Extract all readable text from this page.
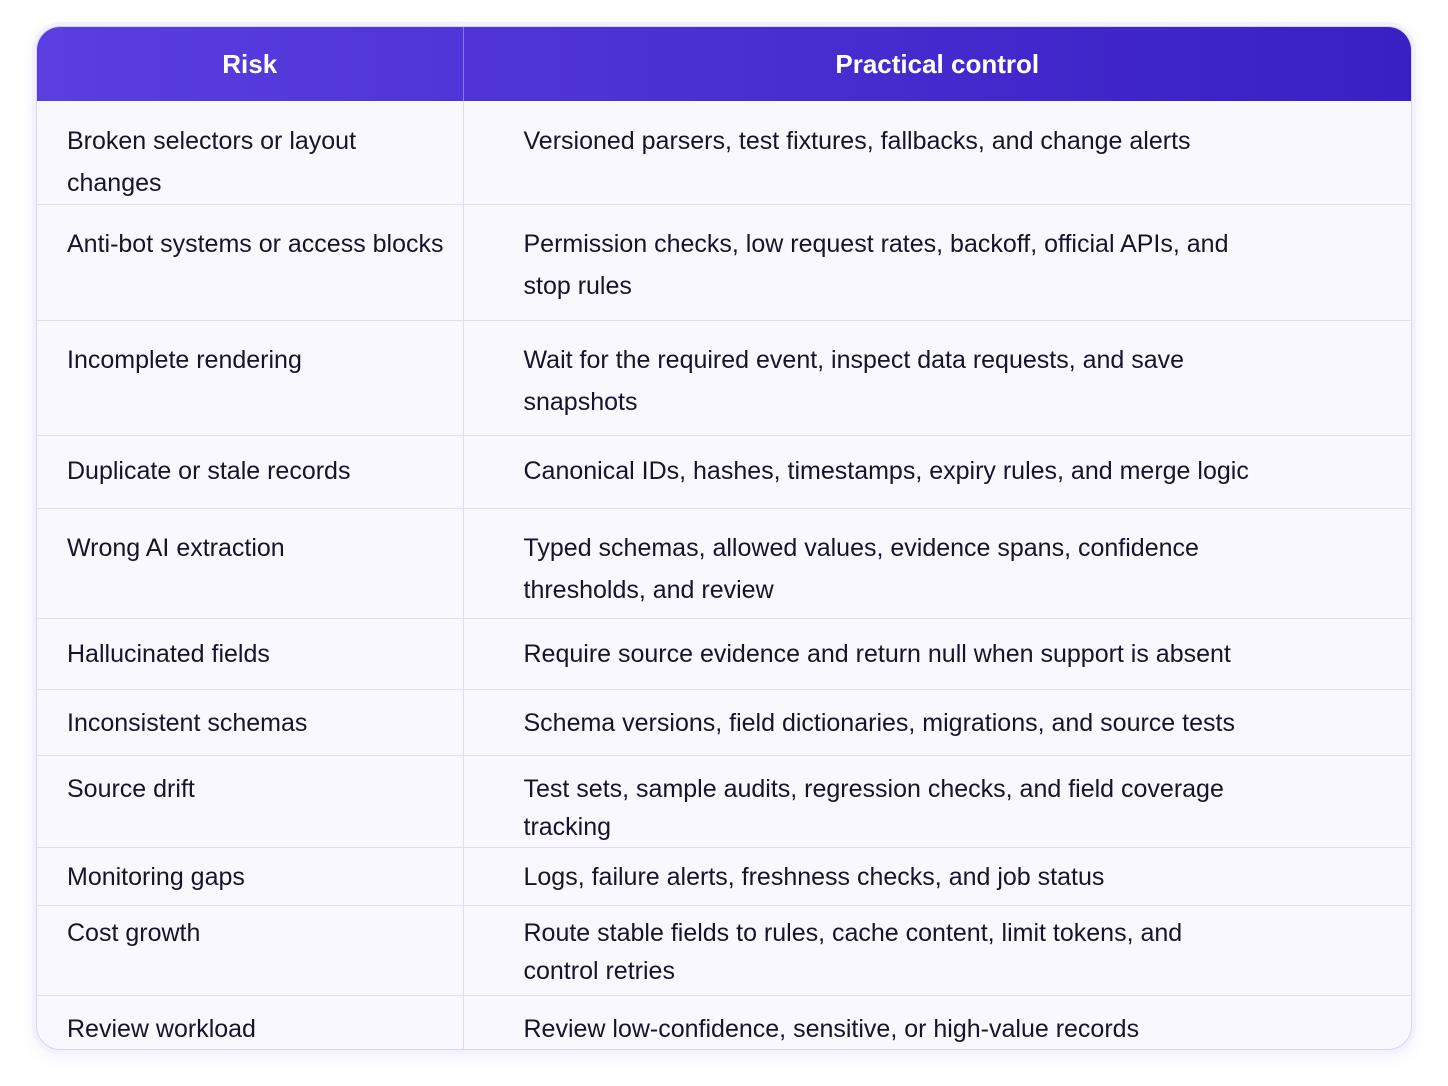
Risk	Practical control

Broken selectors or layout changes	Versioned parsers, test fixtures, fallbacks, and change alerts

Anti-bot systems or access blocks	Permission checks, low request rates, backoff, official APIs, and stop rules

Incomplete rendering	Wait for the required event, inspect data requests, and save snapshots

Duplicate or stale records	Canonical IDs, hashes, timestamps, expiry rules, and merge logic

Wrong AI extraction	Typed schemas, allowed values, evidence spans, confidence thresholds, and review

Hallucinated fields	Require source evidence and return null when support is absent

Inconsistent schemas	Schema versions, field dictionaries, migrations, and source tests

Source drift	Test sets, sample audits, regression checks, and field coverage tracking

Monitoring gaps	Logs, failure alerts, freshness checks, and job status

Cost growth	Route stable fields to rules, cache content, limit tokens, and control retries

Review workload	Review low-confidence, sensitive, or high-value records
